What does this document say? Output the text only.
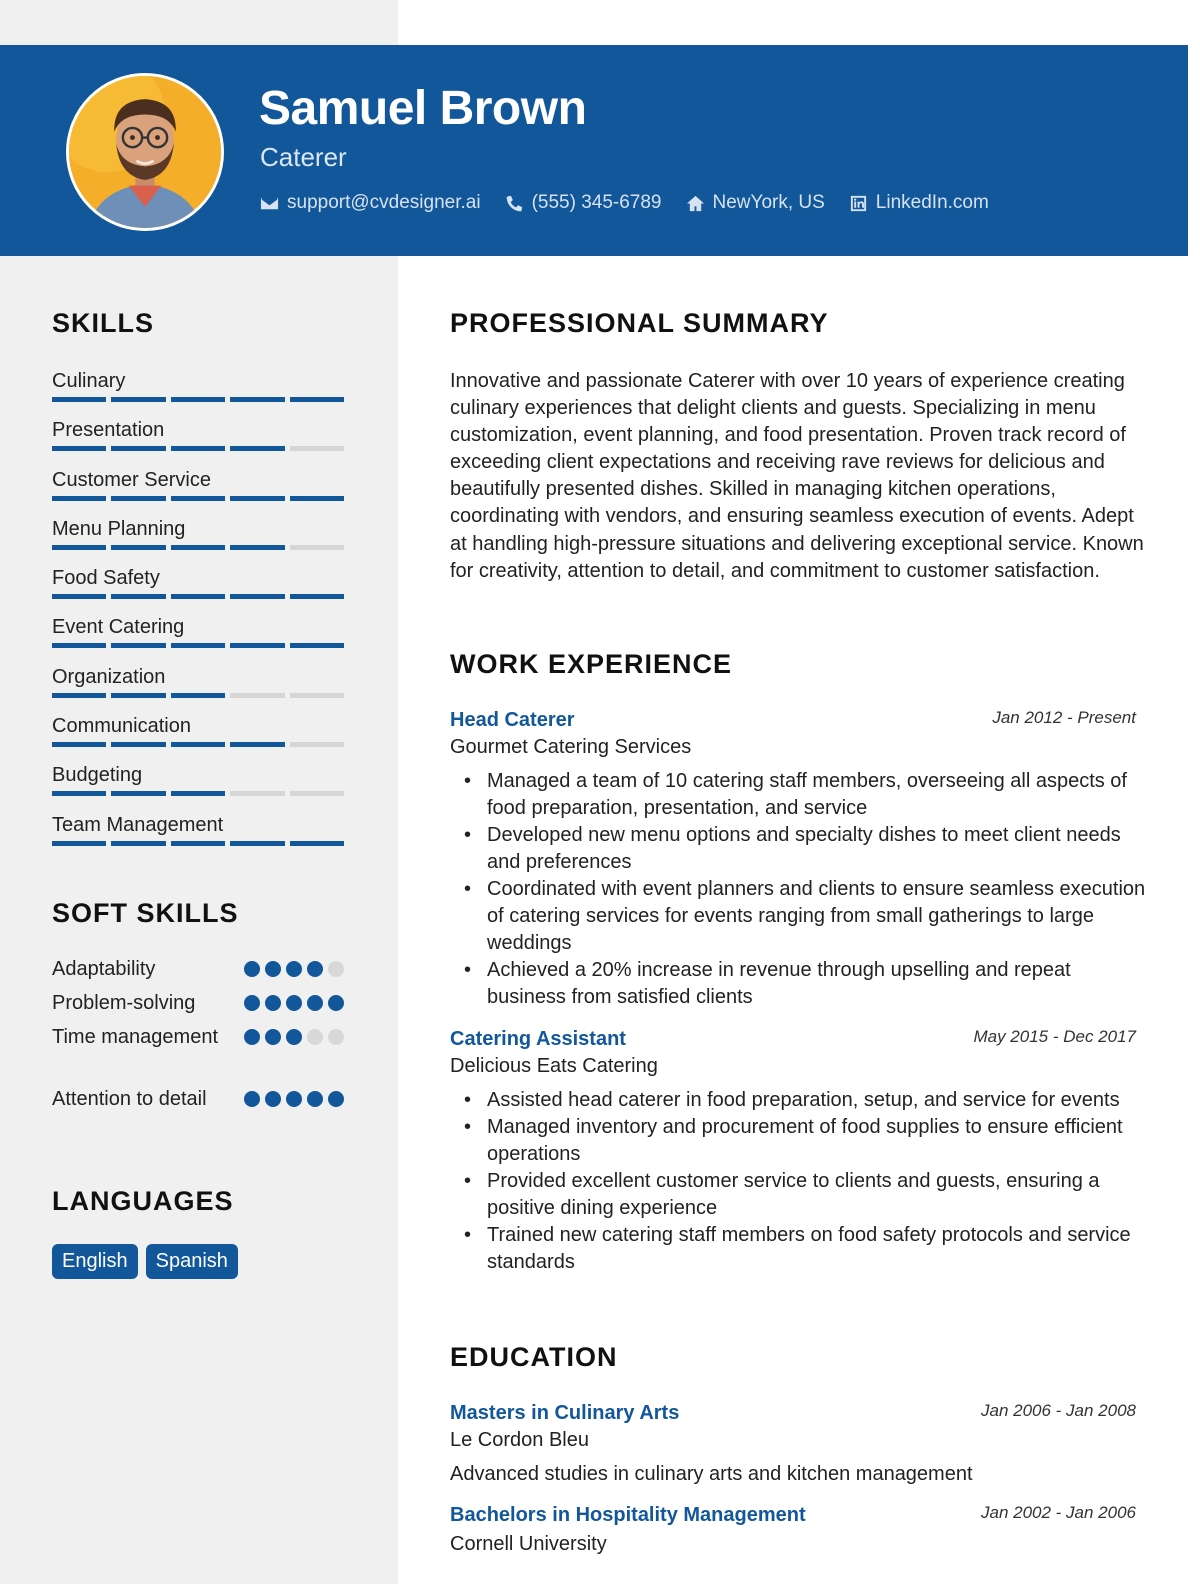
Samuel Brown
Caterer
support@cvdesigner.ai	(555) 345-6789	NewYork, US	LinkedIn.com
SKILLS
Culinary
Presentation
Customer Service
Menu Planning
Food Safety
Event Catering
Organization
Communication
Budgeting
Team Management
SOFT SKILLS
Adaptability
Problem-solving
Time management
Attention to detail
LANGUAGES
English	Spanish
PROFESSIONAL SUMMARY
Innovative and passionate Caterer with over 10 years of experience creating culinary experiences that delight clients and guests. Specializing in menu customization, event planning, and food presentation. Proven track record of exceeding client expectations and receiving rave reviews for delicious and beautifully presented dishes. Skilled in managing kitchen operations, coordinating with vendors, and ensuring seamless execution of events. Adept at handling high-pressure situations and delivering exceptional service. Known for creativity, attention to detail, and commitment to customer satisfaction.
WORK EXPERIENCE
Head Caterer	Jan 2012 - Present
Gourmet Catering Services
• Managed a team of 10 catering staff members, overseeing all aspects of food preparation, presentation, and service
• Developed new menu options and specialty dishes to meet client needs and preferences
• Coordinated with event planners and clients to ensure seamless execution of catering services for events ranging from small gatherings to large weddings
• Achieved a 20% increase in revenue through upselling and repeat business from satisfied clients
Catering Assistant	May 2015 - Dec 2017
Delicious Eats Catering
• Assisted head caterer in food preparation, setup, and service for events
• Managed inventory and procurement of food supplies to ensure efficient operations
• Provided excellent customer service to clients and guests, ensuring a positive dining experience
• Trained new catering staff members on food safety protocols and service standards
EDUCATION
Masters in Culinary Arts	Jan 2006 - Jan 2008
Le Cordon Bleu
Advanced studies in culinary arts and kitchen management
Bachelors in Hospitality Management	Jan 2002 - Jan 2006
Cornell University
